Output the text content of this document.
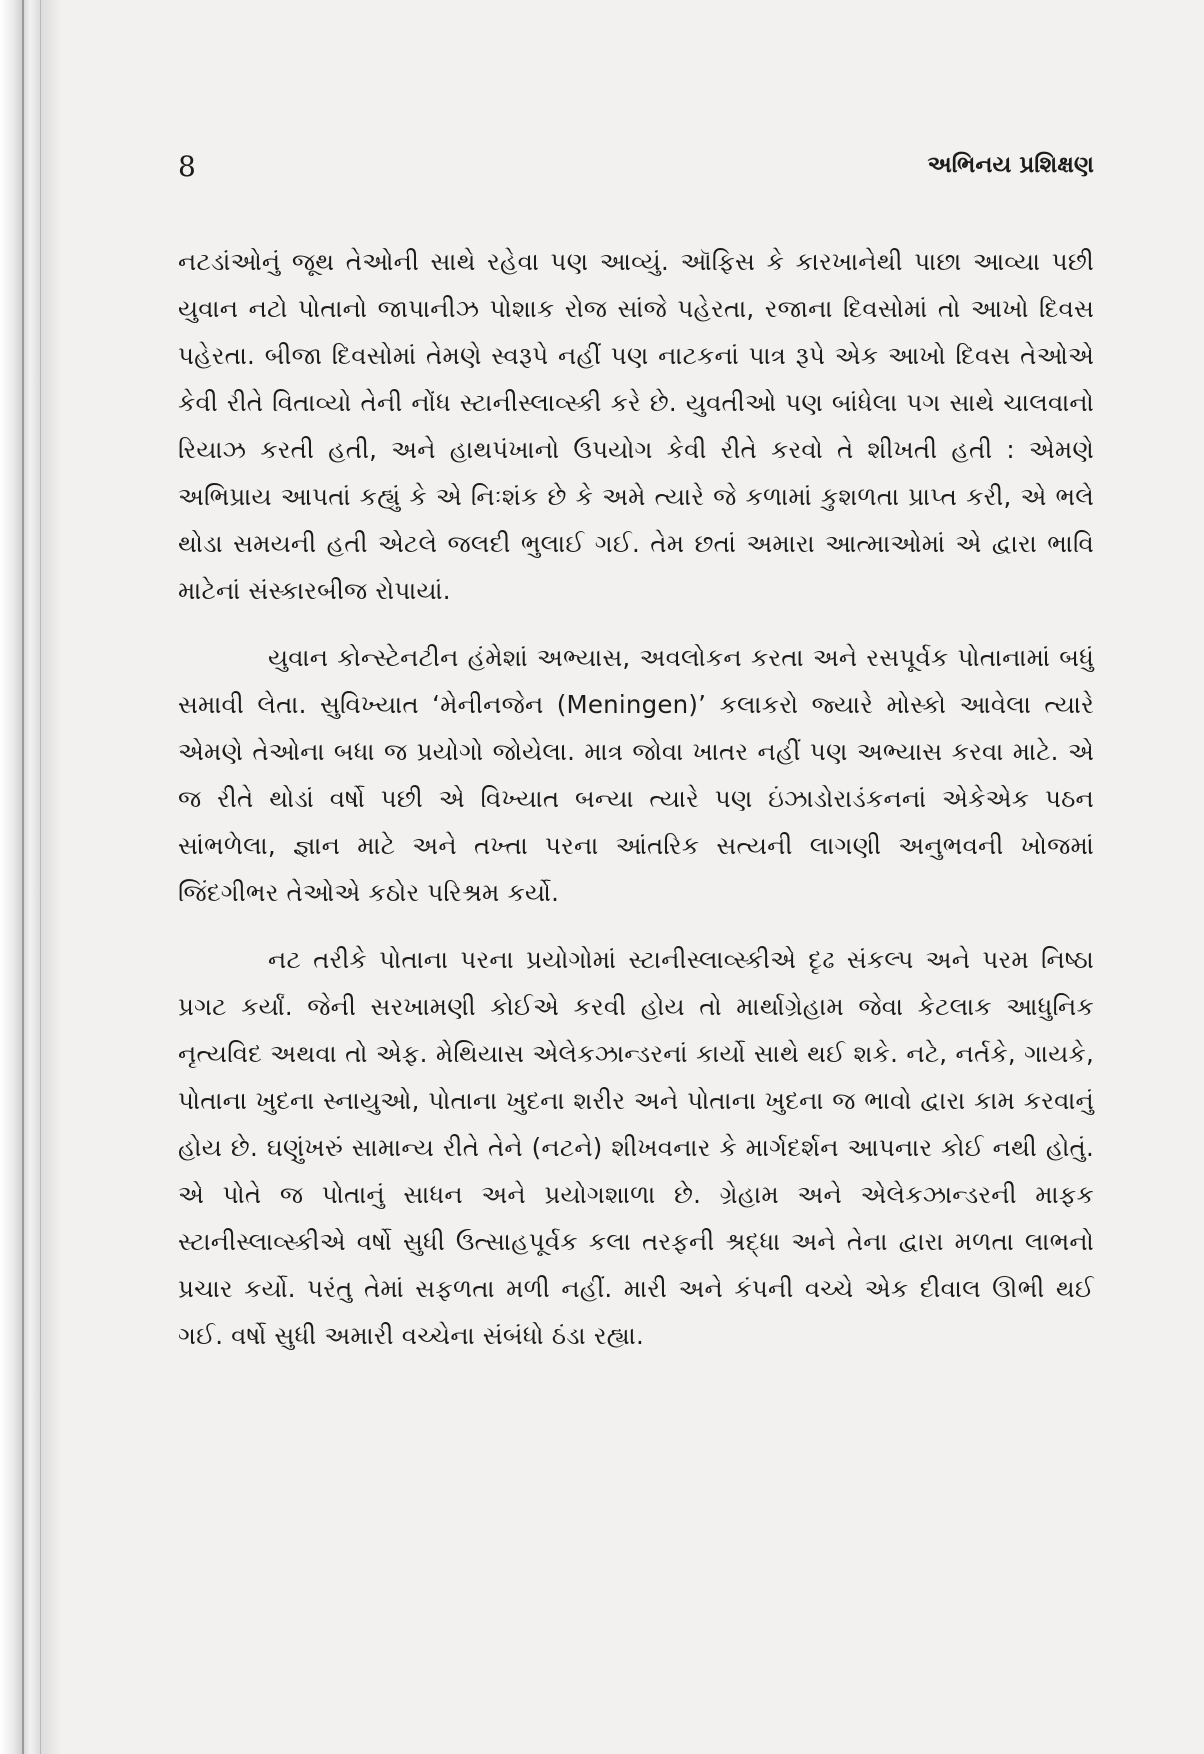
8	અભિનય પ્રશિક્ષણ

નટડાંઓનું જૂથ તેઓની સાથે રહેવા પણ આવ્યું. ઑફિસ કે કારખાનેથી પાછા આવ્યા પછી યુવાન નટો પોતાનો જાપાનીઝ પોશાક રોજ સાંજે પહેરતા, રજાના દિવસોમાં તો આખો દિવસ પહેરતા. બીજા દિવસોમાં તેમણે સ્વરૂપે નહીં પણ નાટકનાં પાત્ર રૂપે એક આખો દિવસ તેઓએ કેવી રીતે વિતાવ્યો તેની નોંધ સ્ટાનીસ્લાવ્સ્કી કરે છે. યુવતીઓ પણ બાંધેલા પગ સાથે ચાલવાનો રિયાઝ કરતી હતી, અને હાથપંખાનો ઉપયોગ કેવી રીતે કરવો તે શીખતી હતી : એમણે અભિપ્રાય આપતાં કહ્યું કે એ નિઃશંક છે કે અમે ત્યારે જે કળામાં કુશળતા પ્રાપ્ત કરી, એ ભલે થોડા સમયની હતી એટલે જલદી ભુલાઈ ગઈ. તેમ છતાં અમારા આત્માઓમાં એ દ્વારા ભાવિ માટેનાં સંસ્કારબીજ રોપાયાં.

યુવાન કોન્સ્ટેનટીન હંમેશાં અભ્યાસ, અવલોકન કરતા અને રસપૂર્વક પોતાનામાં બધું સમાવી લેતા. સુવિખ્યાત ‘મેનીનજેન (Meningen)’ કલાકરો જ્યારે મોસ્કો આવેલા ત્યારે એમણે તેઓના બધા જ પ્રયોગો જોયેલા. માત્ર જોવા ખાતર નહીં પણ અભ્યાસ કરવા માટે. એ જ રીતે થોડાં વર્ષો પછી એ વિખ્યાત બન્યા ત્યારે પણ ઇંઝાડોરાડંકનનાં એકેએક પઠન સાંભળેલા, જ્ઞાન માટે અને તખ્તા પરના આંતરિક સત્યની લાગણી અનુભવની ખોજમાં જિંદગીભર તેઓએ કઠોર પરિશ્રમ કર્યો.

નટ તરીકે પોતાના પરના પ્રયોગોમાં સ્ટાનીસ્લાવ્સ્કીએ દૃઢ સંકલ્પ અને પરમ નિષ્ઠા પ્રગટ કર્યાં. જેની સરખામણી કોઈએ કરવી હોય તો માર્થાગ્રેહામ જેવા કેટલાક આધુનિક નૃત્યવિદ અથવા તો એફ. મેથિયાસ એલેકઝાન્ડરનાં કાર્યો સાથે થઈ શકે. નટે, નર્તકે, ગાયકે, પોતાના ખુદના સ્નાયુઓ, પોતાના ખુદના શરીર અને પોતાના ખુદના જ ભાવો દ્વારા કામ કરવાનું હોય છે. ઘણુંખરું સામાન્ય રીતે તેને (નટને) શીખવનાર કે માર્ગદર્શન આપનાર કોઈ નથી હોતું. એ પોતે જ પોતાનું સાધન અને પ્રયોગશાળા છે. ગ્રેહામ અને એલેકઝાન્ડરની માફક સ્ટાનીસ્લાવ્સ્કીએ વર્ષો સુધી ઉત્સાહપૂર્વક કલા તરફની શ્રદ્ધા અને તેના દ્વારા મળતા લાભનો પ્રચાર કર્યો. પરંતુ તેમાં સફળતા મળી નહીં. મારી અને કંપની વચ્ચે એક દીવાલ ઊભી થઈ ગઈ. વર્ષો સુધી અમારી વચ્ચેના સંબંધો ઠંડા રહ્યા.
